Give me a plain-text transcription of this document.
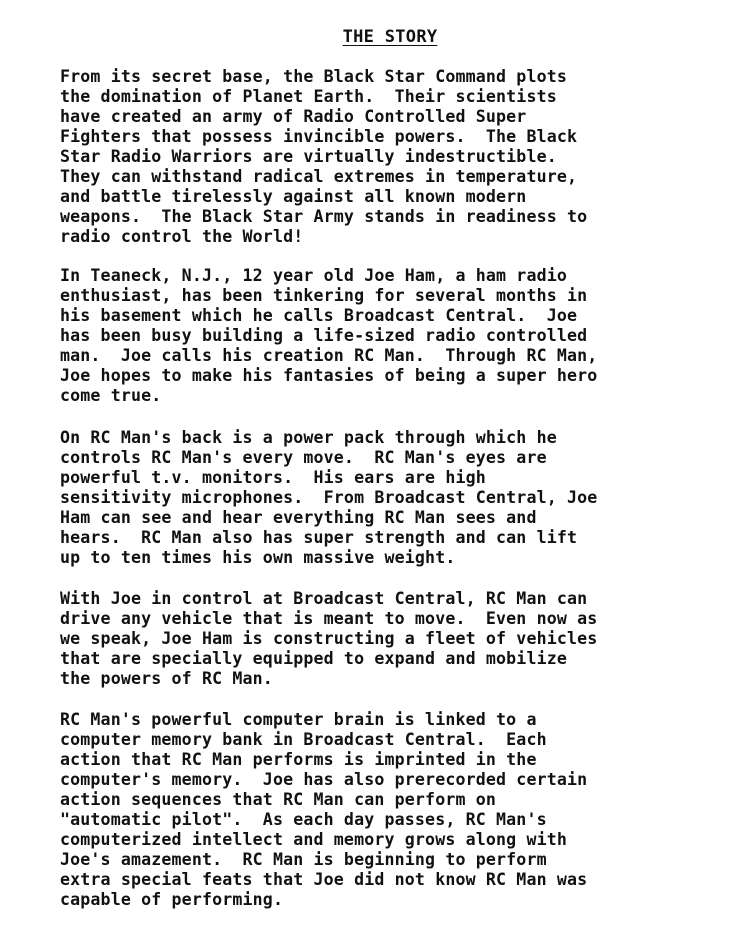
THE STORY
From its secret base, the Black Star Command plots
the domination of Planet Earth.  Their scientists
have created an army of Radio Controlled Super
Fighters that possess invincible powers.  The Black
Star Radio Warriors are virtually indestructible.
They can withstand radical extremes in temperature,
and battle tirelessly against all known modern
weapons.  The Black Star Army stands in readiness to
radio control the World!
In Teaneck, N.J., 12 year old Joe Ham, a ham radio
enthusiast, has been tinkering for several months in
his basement which he calls Broadcast Central.  Joe
has been busy building a life-sized radio controlled
man.  Joe calls his creation RC Man.  Through RC Man,
Joe hopes to make his fantasies of being a super hero
come true.
On RC Man's back is a power pack through which he
controls RC Man's every move.  RC Man's eyes are
powerful t.v. monitors.  His ears are high
sensitivity microphones.  From Broadcast Central, Joe
Ham can see and hear everything RC Man sees and
hears.  RC Man also has super strength and can lift
up to ten times his own massive weight.
With Joe in control at Broadcast Central, RC Man can
drive any vehicle that is meant to move.  Even now as
we speak, Joe Ham is constructing a fleet of vehicles
that are specially equipped to expand and mobilize
the powers of RC Man.
RC Man's powerful computer brain is linked to a
computer memory bank in Broadcast Central.  Each
action that RC Man performs is imprinted in the
computer's memory.  Joe has also prerecorded certain
action sequences that RC Man can perform on
"automatic pilot".  As each day passes, RC Man's
computerized intellect and memory grows along with
Joe's amazement.  RC Man is beginning to perform
extra special feats that Joe did not know RC Man was
capable of performing.
